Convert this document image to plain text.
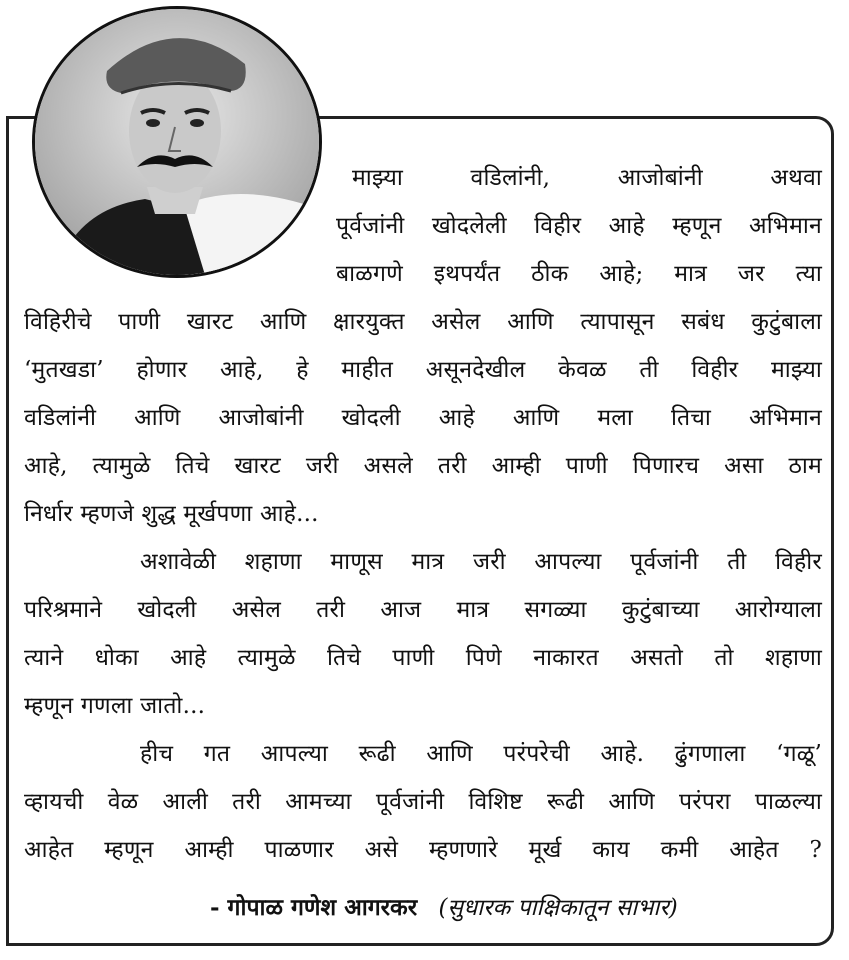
माझ्या वडिलांनी, आजोबांनी अथवा
पूर्वजांनी खोदलेली विहीर आहे म्हणून अभिमान
बाळगणे इथपर्यंत ठीक आहे; मात्र जर त्या
विहिरीचे पाणी खारट आणि क्षारयुक्त असेल आणि त्यापासून सबंध कुटुंबाला
‘मुतखडा’ होणार आहे, हे माहीत असूनदेखील केवळ ती विहीर माझ्या
वडिलांनी आणि आजोबांनी खोदली आहे आणि मला तिचा अभिमान
आहे, त्यामुळे तिचे खारट जरी असले तरी आम्ही पाणी पिणारच असा ठाम
निर्धार म्हणजे शुद्ध मूर्खपणा आहे...
अशावेळी शहाणा माणूस मात्र जरी आपल्या पूर्वजांनी ती विहीर
परिश्रमाने खोदली असेल तरी आज मात्र सगळ्या कुटुंबाच्या आरोग्याला
त्याने धोका आहे त्यामुळे तिचे पाणी पिणे नाकारत असतो तो शहाणा
म्हणून गणला जातो...
हीच गत आपल्या रूढी आणि परंपरेची आहे. ढुंगणाला ‘गळू’
व्हायची वेळ आली तरी आमच्या पूर्वजांनी विशिष्ट रूढी आणि परंपरा पाळल्या
आहेत म्हणून आम्ही पाळणार असे म्हणणारे मूर्ख काय कमी आहेत ?
- गोपाळ गणेश आगरकर (सुधारक पाक्षिकातून साभार)
